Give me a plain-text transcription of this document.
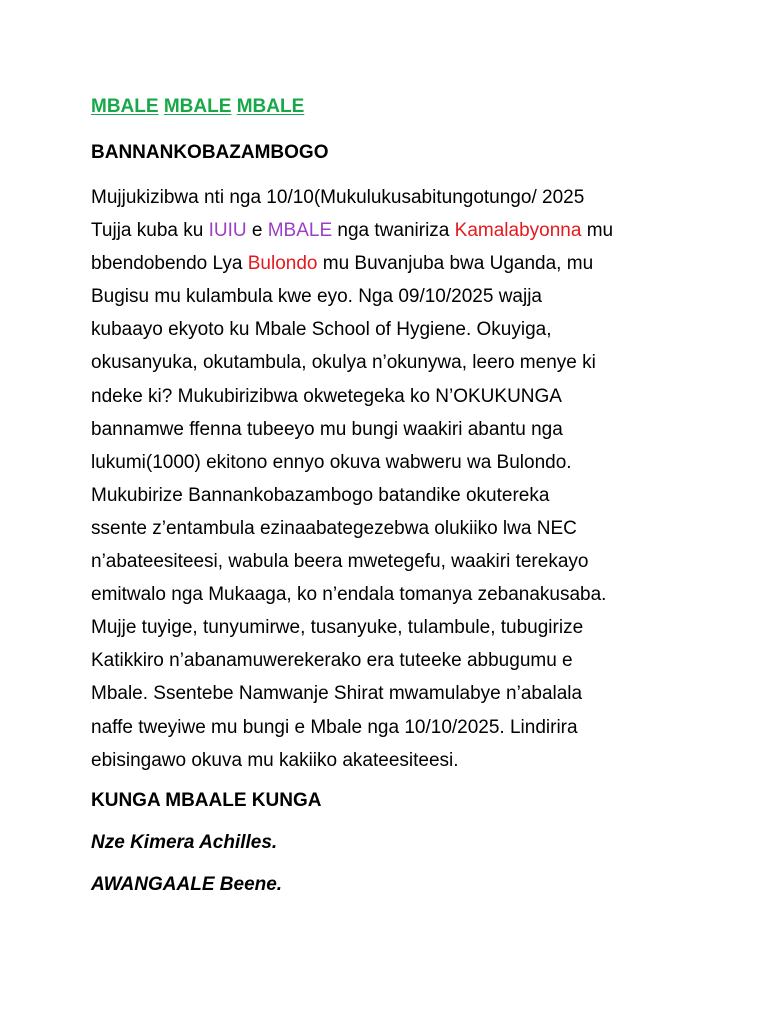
MBALE MBALE MBALE
BANNANKOBAZAMBOGO
Mujjukizibwa nti nga 10/10(Mukulukusabitungotungo/ 2025
Tujja kuba ku IUIU e MBALE nga twaniriza Kamalabyonna mu
bbendobendo Lya Bulondo mu Buvanjuba bwa Uganda, mu
Bugisu mu kulambula kwe eyo. Nga 09/10/2025 wajja
kubaayo ekyoto ku Mbale School of Hygiene. Okuyiga,
okusanyuka, okutambula, okulya n’okunywa, leero menye ki
ndeke ki? Mukubirizibwa okwetegeka ko N’OKUKUNGA
bannamwe ffenna tubeeyo mu bungi waakiri abantu nga
lukumi(1000) ekitono ennyo okuva wabweru wa Bulondo.
Mukubirize Bannankobazambogo batandike okutereka
ssente z’entambula ezinaabategezebwa olukiiko lwa NEC
n’abateesiteesi, wabula beera mwetegefu, waakiri terekayo
emitwalo nga Mukaaga, ko n’endala tomanya zebanakusaba.
Mujje tuyige, tunyumirwe, tusanyuke, tulambule, tubugirize
Katikkiro n’abanamuwerekerako era tuteeke abbugumu e
Mbale. Ssentebe Namwanje Shirat mwamulabye n’abalala
naffe tweyiwe mu bungi e Mbale nga 10/10/2025. Lindirira
ebisingawo okuva mu kakiiko akateesiteesi.
KUNGA MBAALE KUNGA
Nze Kimera Achilles.
AWANGAALE Beene.
